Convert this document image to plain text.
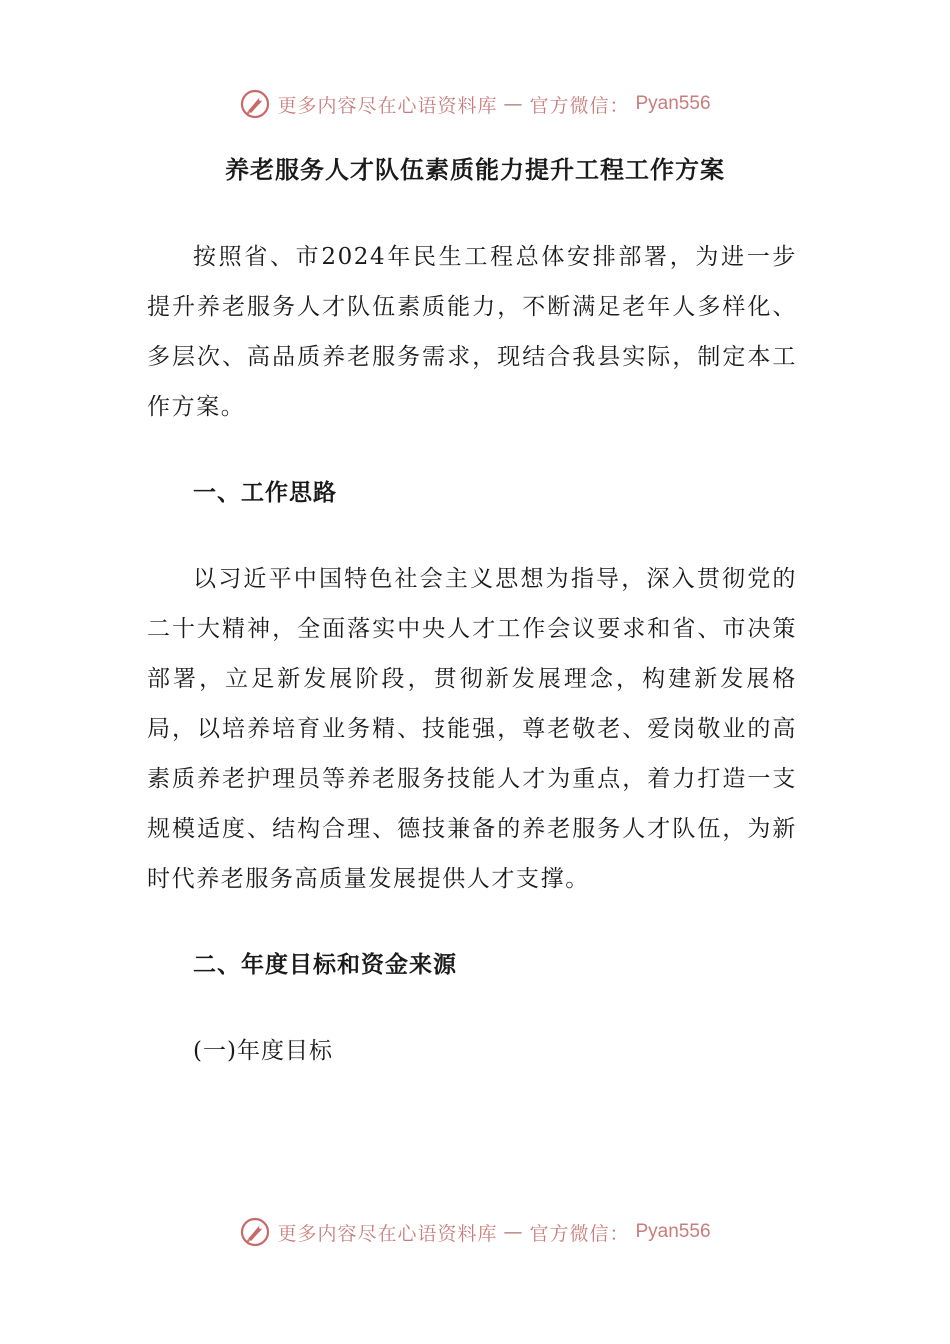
更多内容尽在心语资料库 — 官方微信： Pyan556
养老服务人才队伍素质能力提升工程工作方案

按照省、市2024年民生工程总体安排部署，为进一步提升养老服务人才队伍素质能力，不断满足老年人多样化、多层次、高品质养老服务需求，现结合我县实际，制定本工作方案。

一、工作思路

以习近平中国特色社会主义思想为指导，深入贯彻党的二十大精神，全面落实中央人才工作会议要求和省、市决策部署，立足新发展阶段，贯彻新发展理念，构建新发展格局，以培养培育业务精、技能强，尊老敬老、爱岗敬业的高素质养老护理员等养老服务技能人才为重点，着力打造一支规模适度、结构合理、德技兼备的养老服务人才队伍，为新时代养老服务高质量发展提供人才支撑。

二、年度目标和资金来源

(一)年度目标

更多内容尽在心语资料库 — 官方微信： Pyan556
